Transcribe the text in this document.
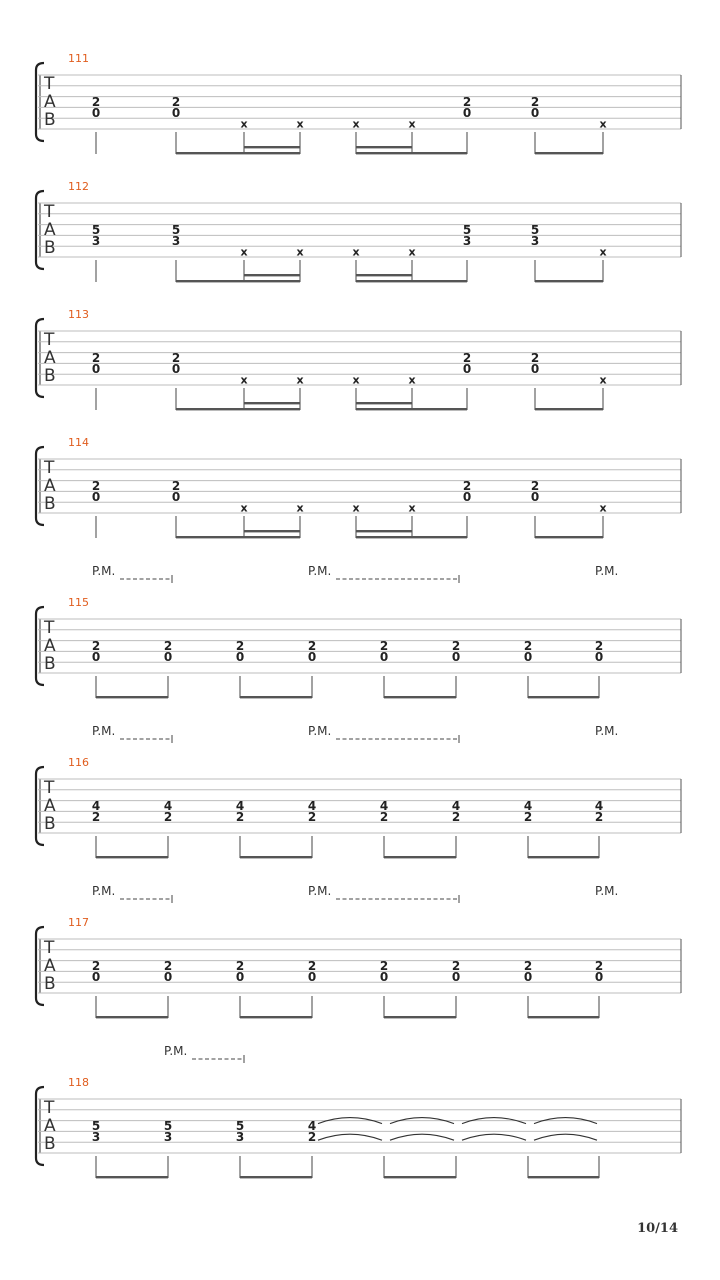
T
A
B
111
2
0
2
0
x	x	x	x
2
0
2
0
x
T
A
B
112
5
3
5
3
x	x	x	x
5
3
5
3
x
T
A
B
113
2
0
2
0
x	x	x	x
2
0
2
0
x
T
A
B
114
2
0
2
0
x	x	x	x
2
0
2
0
x
T
A
B
115
P.M.	P.M.	P.M.
2
0
2
0
2
0
2
0
2
0
2
0
2
0
2
0
T
A
B
116
P.M.	P.M.	P.M.
4
2
4
2
4
2
4
2
4
2
4
2
4
2
4
2
T
A
B
117
P.M.	P.M.	P.M.
2
0
2
0
2
0
2
0
2
0
2
0
2
0
2
0
T
A
B
118
P.M.
5
3
5
3
5
3
4
2
10/14
